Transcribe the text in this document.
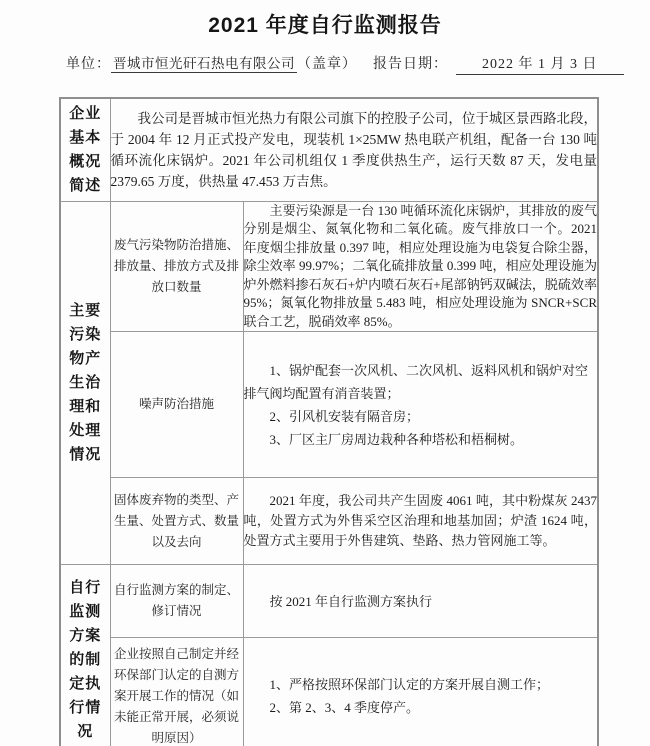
2021 年度自行监测报告
单位： 晋城市恒光矸石热电有限公司 （盖章） 报告日期： 2022 年 1 月 3 日
企业基本概况简述	我公司是晋城市恒光热力有限公司旗下的控股子公司，位于城区景西路北段，于 2004 年 12 月正式投产发电，现装机 1×25MW 热电联产机组，配备一台 130 吨循环流化床锅炉。2021 年公司机组仅 1 季度供热生产，运行天数 87 天，发电量 2379.65 万度，供热量 47.453 万吉焦。	

主要污染物产生治理和处理情况	废气污染物防治措施、排放量、排放方式及排放口数量	主要污染源是一台 130 吨循环流化床锅炉，其排放的废气分别是烟尘、氮氧化物和二氧化硫。废气排放口一个。2021 年度烟尘排放量 0.397 吨，相应处理设施为电袋复合除尘器，除尘效率 99.97%；二氧化硫排放量 0.399 吨，相应处理设施为炉外燃料掺石灰石+炉内喷石灰石+尾部钠钙双碱法，脱硫效率 95%；氮氧化物排放量 5.483 吨，相应处理设施为 SNCR+SCR 联合工艺，脱硝效率 85%。

	噪声防治措施	1、锅炉配套一次风机、二次风机、返料风机和锅炉对空排气阀均配置有消音装置；
2、引风机安装有隔音房；
3、厂区主厂房周边栽种各种塔松和梧桐树。

	固体废弃物的类型、产生量、处置方式、数量以及去向	2021 年度，我公司共产生固废 4061 吨，其中粉煤灰 2437 吨，处置方式为外售采空区治理和地基加固；炉渣 1624 吨，处置方式主要用于外售建筑、垫路、热力管网施工等。

自行监测方案的制定执行情况	自行监测方案的制定、修订情况	按 2021 年自行监测方案执行

	企业按照自己制定并经环保部门认定的自测方案开展工作的情况（如未能正常开展，必须说明原因）	1、严格按照环保部门认定的方案开展自测工作；
2、第 2、3、4 季度停产。
